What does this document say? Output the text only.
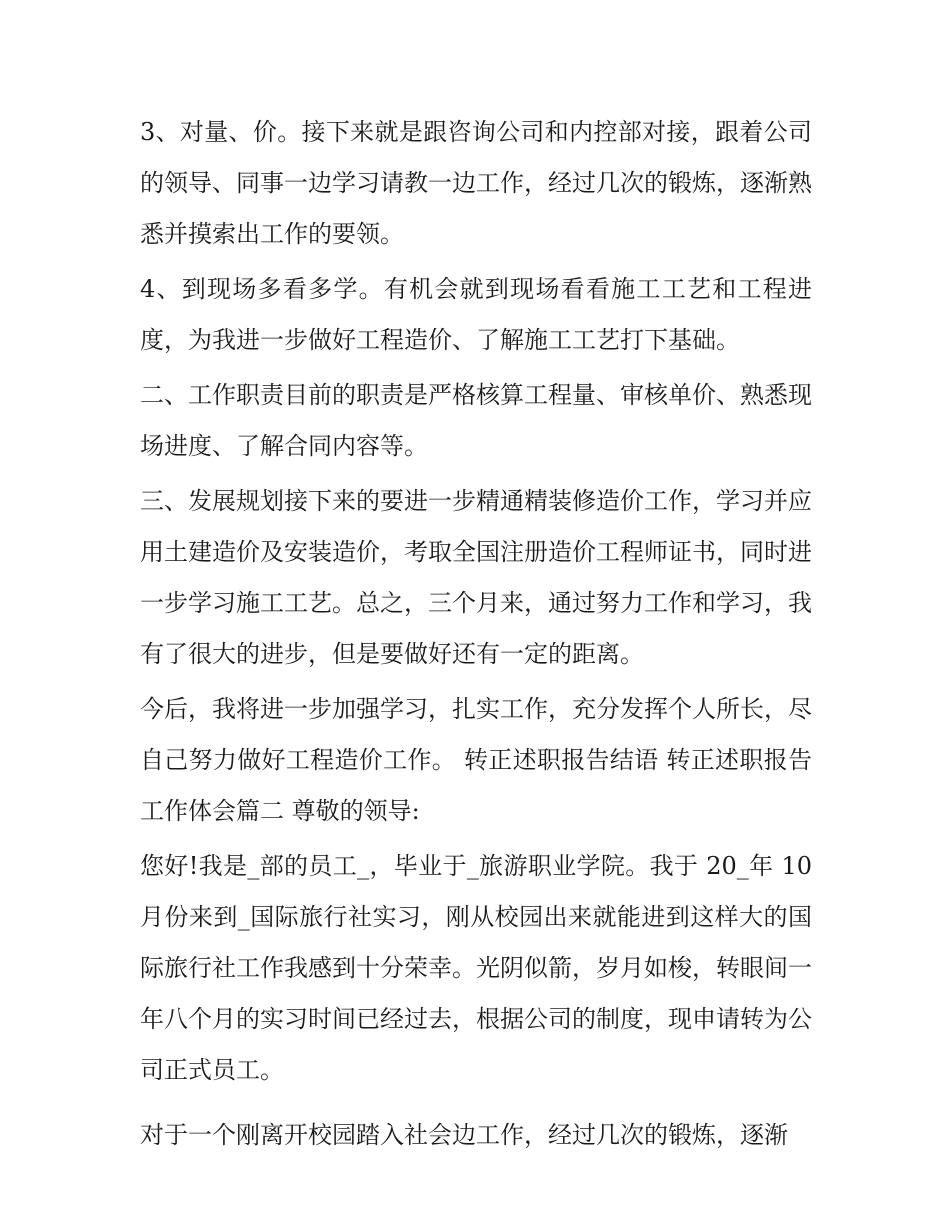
3、对量、价。接下来就是跟咨询公司和内控部对接，跟着公司的领导、同事一边学习请教一边工作，经过几次的锻炼，逐渐熟悉并摸索出工作的要领。

4、到现场多看多学。有机会就到现场看看施工工艺和工程进度，为我进一步做好工程造价、了解施工工艺打下基础。

二、工作职责目前的职责是严格核算工程量、审核单价、熟悉现场进度、了解合同内容等。

三、发展规划接下来的要进一步精通精装修造价工作，学习并应用土建造价及安装造价，考取全国注册造价工程师证书，同时进一步学习施工工艺。总之，三个月来，通过努力工作和学习，我有了很大的进步，但是要做好还有一定的距离。

今后，我将进一步加强学习，扎实工作，充分发挥个人所长，尽自己努力做好工程造价工作。 转正述职报告结语 转正述职报告工作体会篇二 尊敬的领导:

您好!我是_部的员工_，毕业于_旅游职业学院。我于 20_年 10 月份来到_国际旅行社实习，刚从校园出来就能进到这样大的国际旅行社工作我感到十分荣幸。光阴似箭，岁月如梭，转眼间一年八个月的实习时间已经过去，根据公司的制度，现申请转为公司正式员工。

对于一个刚离开校园踏入社会边工作，经过几次的锻炼，逐渐
